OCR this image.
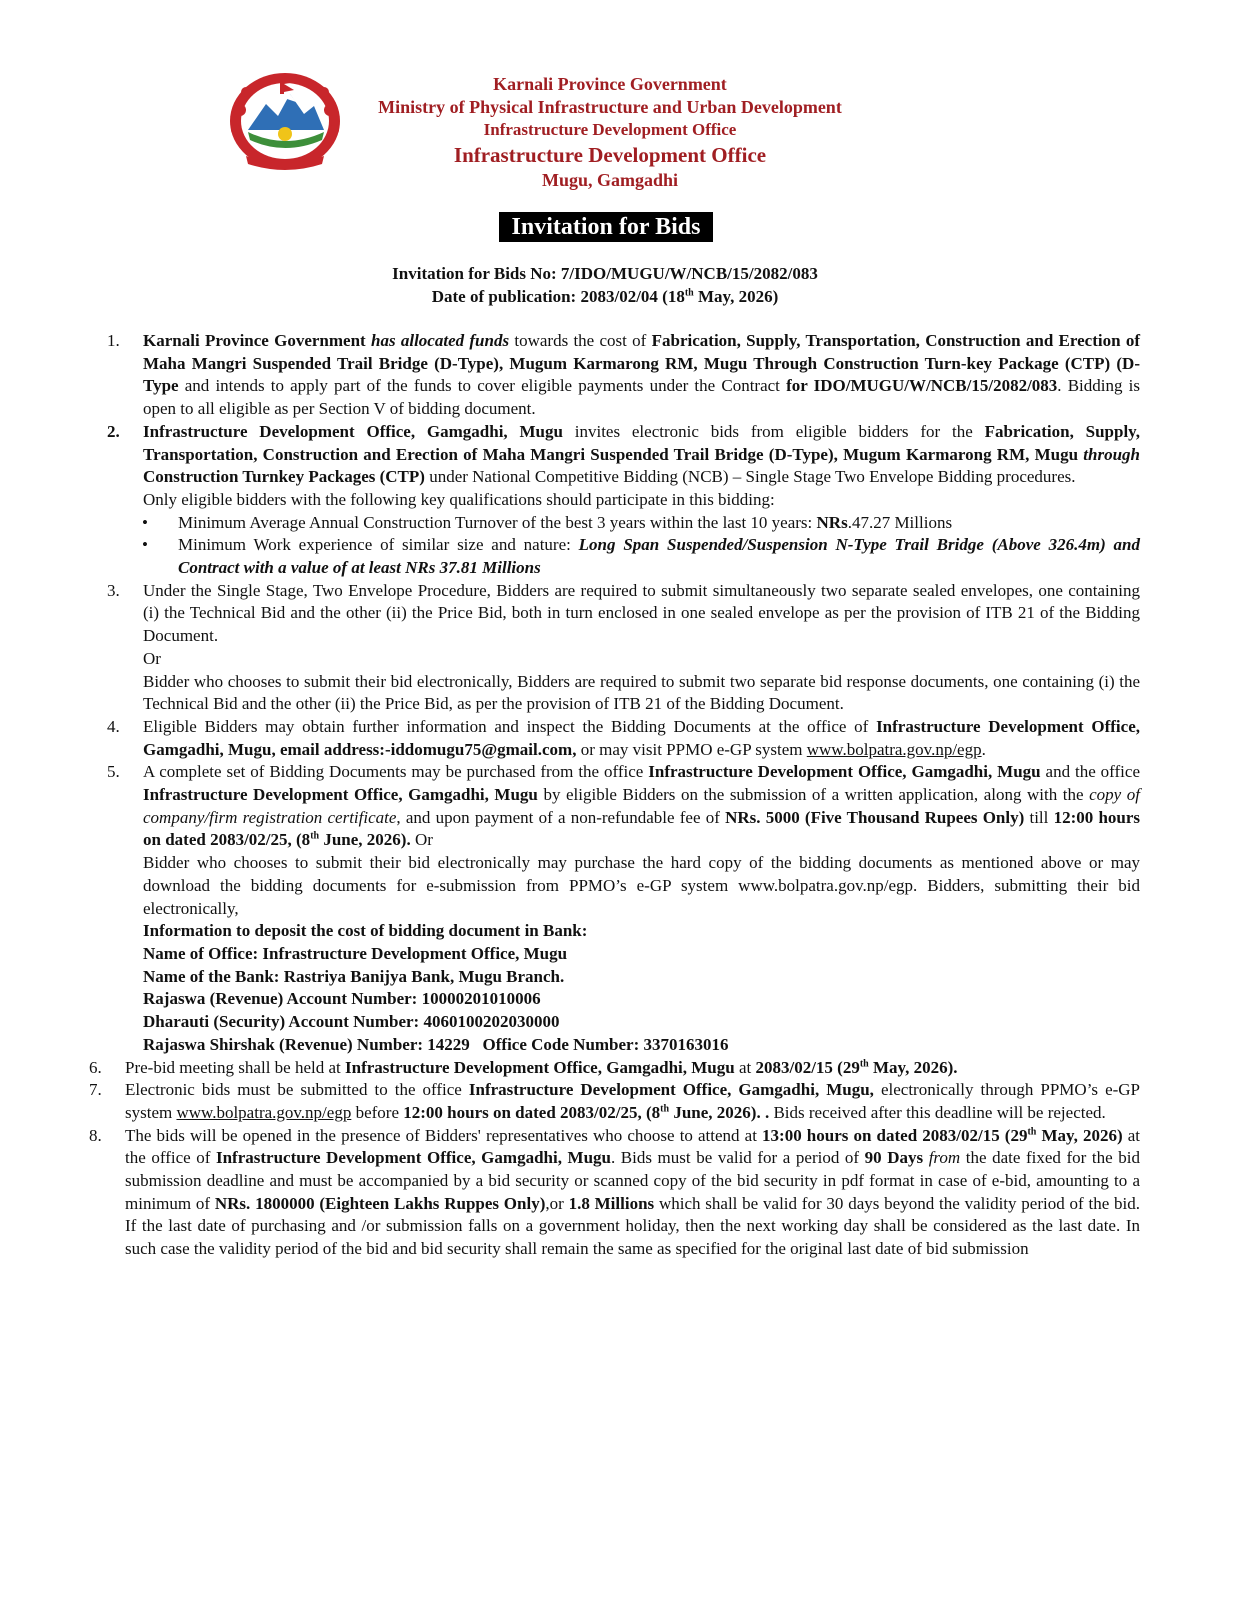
Karnali Province Government
Ministry of Physical Infrastructure and Urban Development
Infrastructure Development Office
Infrastructure Development Office
Mugu, Gamgadhi
Invitation for Bids
Invitation for Bids No: 7/IDO/MUGU/W/NCB/15/2082/083
Date of publication: 2083/02/04 (18th May, 2026)
1. Karnali Province Government has allocated funds towards the cost of Fabrication, Supply, Transportation, Construction and Erection of Maha Mangri Suspended Trail Bridge (D-Type), Mugum Karmarong RM, Mugu Through Construction Turn-key Package (CTP) (D-Type and intends to apply part of the funds to cover eligible payments under the Contract for IDO/MUGU/W/NCB/15/2082/083. Bidding is open to all eligible as per Section V of bidding document.
2. Infrastructure Development Office, Gamgadhi, Mugu invites electronic bids from eligible bidders for the Fabrication, Supply, Transportation, Construction and Erection of Maha Mangri Suspended Trail Bridge (D-Type), Mugum Karmarong RM, Mugu through Construction Turnkey Packages (CTP) under National Competitive Bidding (NCB) – Single Stage Two Envelope Bidding procedures.
Only eligible bidders with the following key qualifications should participate in this bidding:
• Minimum Average Annual Construction Turnover of the best 3 years within the last 10 years: NRs.47.27 Millions
• Minimum Work experience of similar size and nature: Long Span Suspended/Suspension N-Type Trail Bridge (Above 326.4m) and Contract with a value of at least NRs 37.81 Millions
3. Under the Single Stage, Two Envelope Procedure, Bidders are required to submit simultaneously two separate sealed envelopes, one containing (i) the Technical Bid and the other (ii) the Price Bid, both in turn enclosed in one sealed envelope as per the provision of ITB 21 of the Bidding Document.
Or
Bidder who chooses to submit their bid electronically, Bidders are required to submit two separate bid response documents, one containing (i) the Technical Bid and the other (ii) the Price Bid, as per the provision of ITB 21 of the Bidding Document.
4. Eligible Bidders may obtain further information and inspect the Bidding Documents at the office of Infrastructure Development Office, Gamgadhi, Mugu, email address:-iddomugu75@gmail.com, or may visit PPMO e-GP system www.bolpatra.gov.np/egp.
5. A complete set of Bidding Documents may be purchased from the office Infrastructure Development Office, Gamgadhi, Mugu and the office Infrastructure Development Office, Gamgadhi, Mugu by eligible Bidders on the submission of a written application, along with the copy of company/firm registration certificate, and upon payment of a non-refundable fee of NRs. 5000 (Five Thousand Rupees Only) till 12:00 hours on dated 2083/02/25, (8th June, 2026). Or
Bidder who chooses to submit their bid electronically may purchase the hard copy of the bidding documents as mentioned above or may download the bidding documents for e-submission from PPMO’s e-GP system www.bolpatra.gov.np/egp. Bidders, submitting their bid electronically,
Information to deposit the cost of bidding document in Bank:
Name of Office: Infrastructure Development Office, Mugu
Name of the Bank: Rastriya Banijya Bank, Mugu Branch.
Rajaswa (Revenue) Account Number: 10000201010006
Dharauti (Security) Account Number: 4060100202030000
Rajaswa Shirshak (Revenue) Number: 14229   Office Code Number: 3370163016
6. Pre-bid meeting shall be held at Infrastructure Development Office, Gamgadhi, Mugu at 2083/02/15 (29th May, 2026).
7. Electronic bids must be submitted to the office Infrastructure Development Office, Gamgadhi, Mugu, electronically through PPMO’s e-GP system www.bolpatra.gov.np/egp before 12:00 hours on dated 2083/02/25, (8th June, 2026). . Bids received after this deadline will be rejected.
8. The bids will be opened in the presence of Bidders' representatives who choose to attend at 13:00 hours on dated 2083/02/15 (29th May, 2026) at the office of Infrastructure Development Office, Gamgadhi, Mugu. Bids must be valid for a period of 90 Days from the date fixed for the bid submission deadline and must be accompanied by a bid security or scanned copy of the bid security in pdf format in case of e-bid, amounting to a minimum of NRs. 1800000 (Eighteen Lakhs Ruppes Only),or 1.8 Millions which shall be valid for 30 days beyond the validity period of the bid. If the last date of purchasing and /or submission falls on a government holiday, then the next working day shall be considered as the last date. In such case the validity period of the bid and bid security shall remain the same as specified for the original last date of bid submission
